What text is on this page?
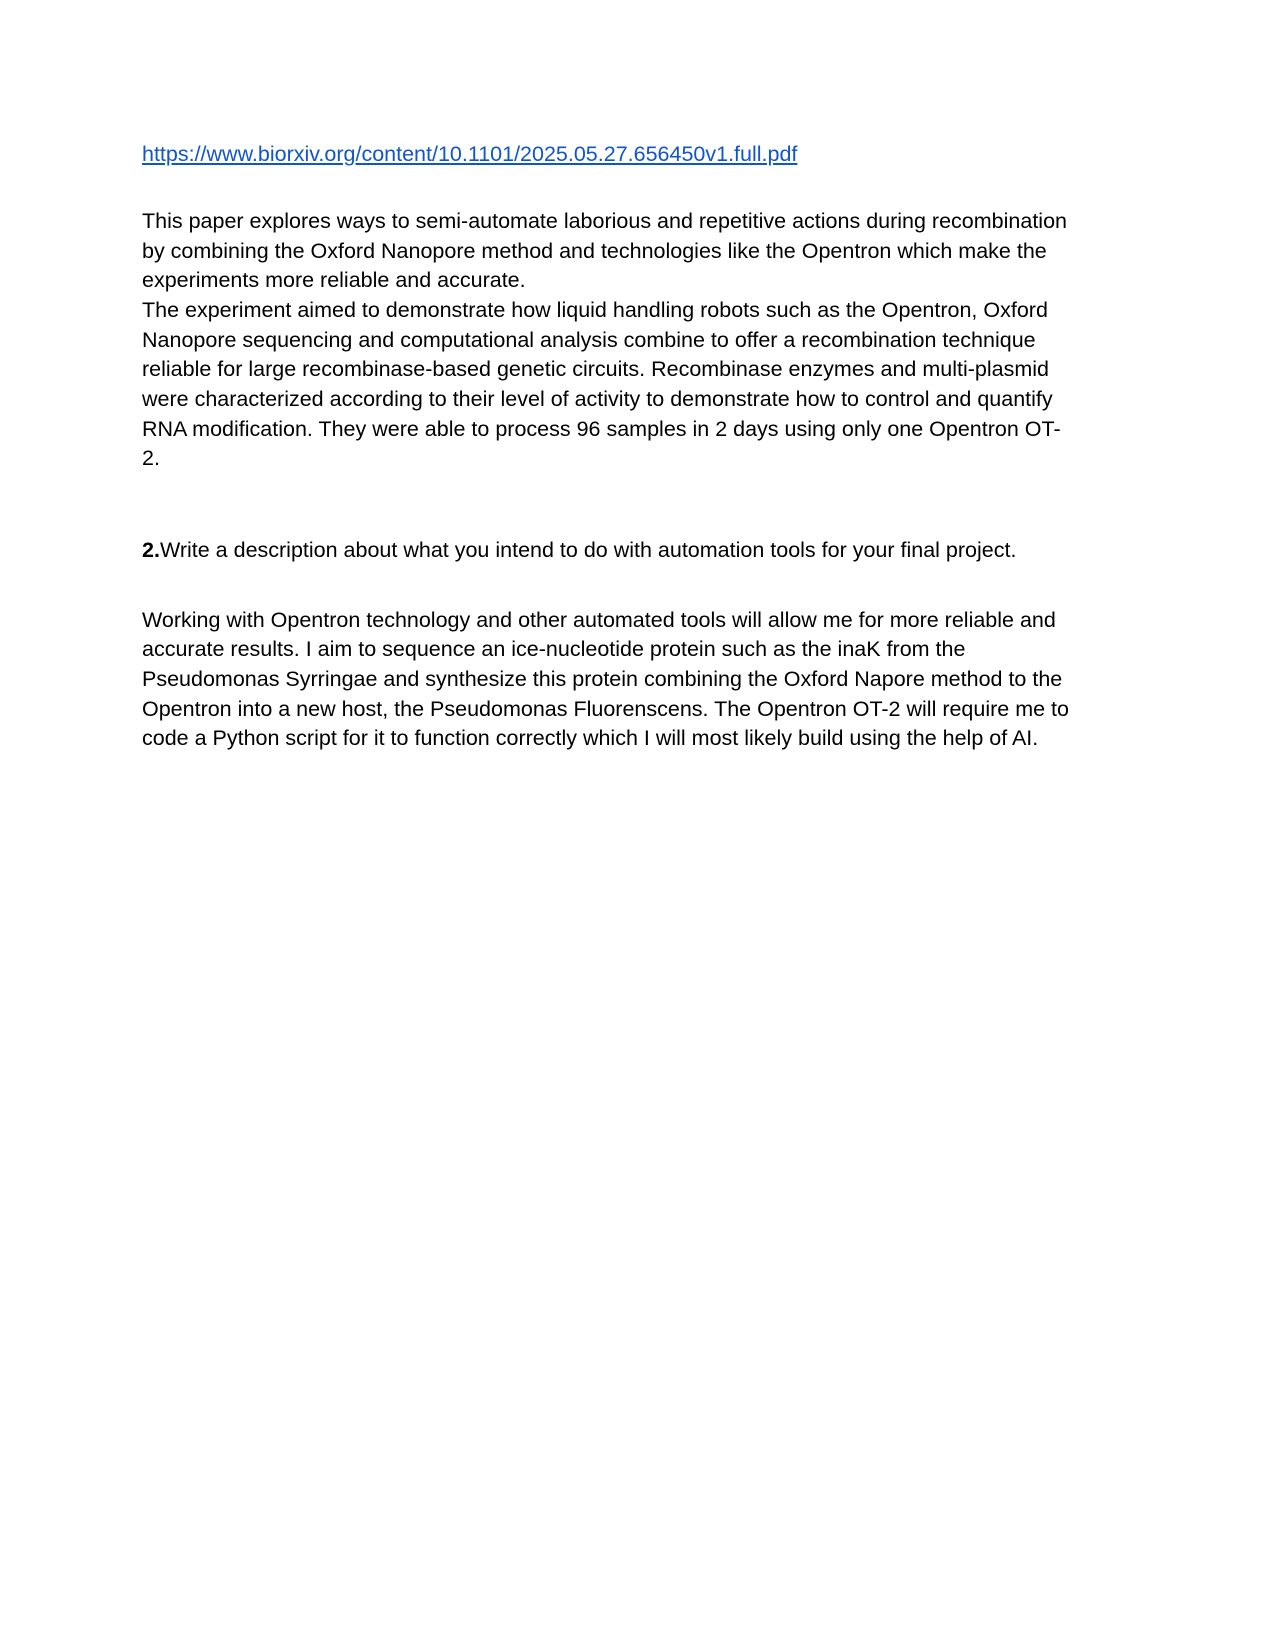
https://www.biorxiv.org/content/10.1101/2025.05.27.656450v1.full.pdf

This paper explores ways to semi-automate laborious and repetitive actions during recombination by combining the Oxford Nanopore method and technologies like the Opentron which make the experiments more reliable and accurate.

The experiment aimed to demonstrate how liquid handling robots such as the Opentron, Oxford Nanopore sequencing and computational analysis combine to offer a recombination technique reliable for large recombinase-based genetic circuits. Recombinase enzymes and multi-plasmid were characterized according to their level of activity to demonstrate how to control and quantify RNA modification. They were able to process 96 samples in 2 days using only one Opentron OT-2.

2.Write a description about what you intend to do with automation tools for your final project.

Working with Opentron technology and other automated tools will allow me for more reliable and accurate results. I aim to sequence an ice-nucleotide protein such as the inaK from the Pseudomonas Syrringae and synthesize this protein combining the Oxford Napore method to the Opentron into a new host, the Pseudomonas Fluorenscens. The Opentron OT-2 will require me to code a Python script for it to function correctly which I will most likely build using the help of AI.
